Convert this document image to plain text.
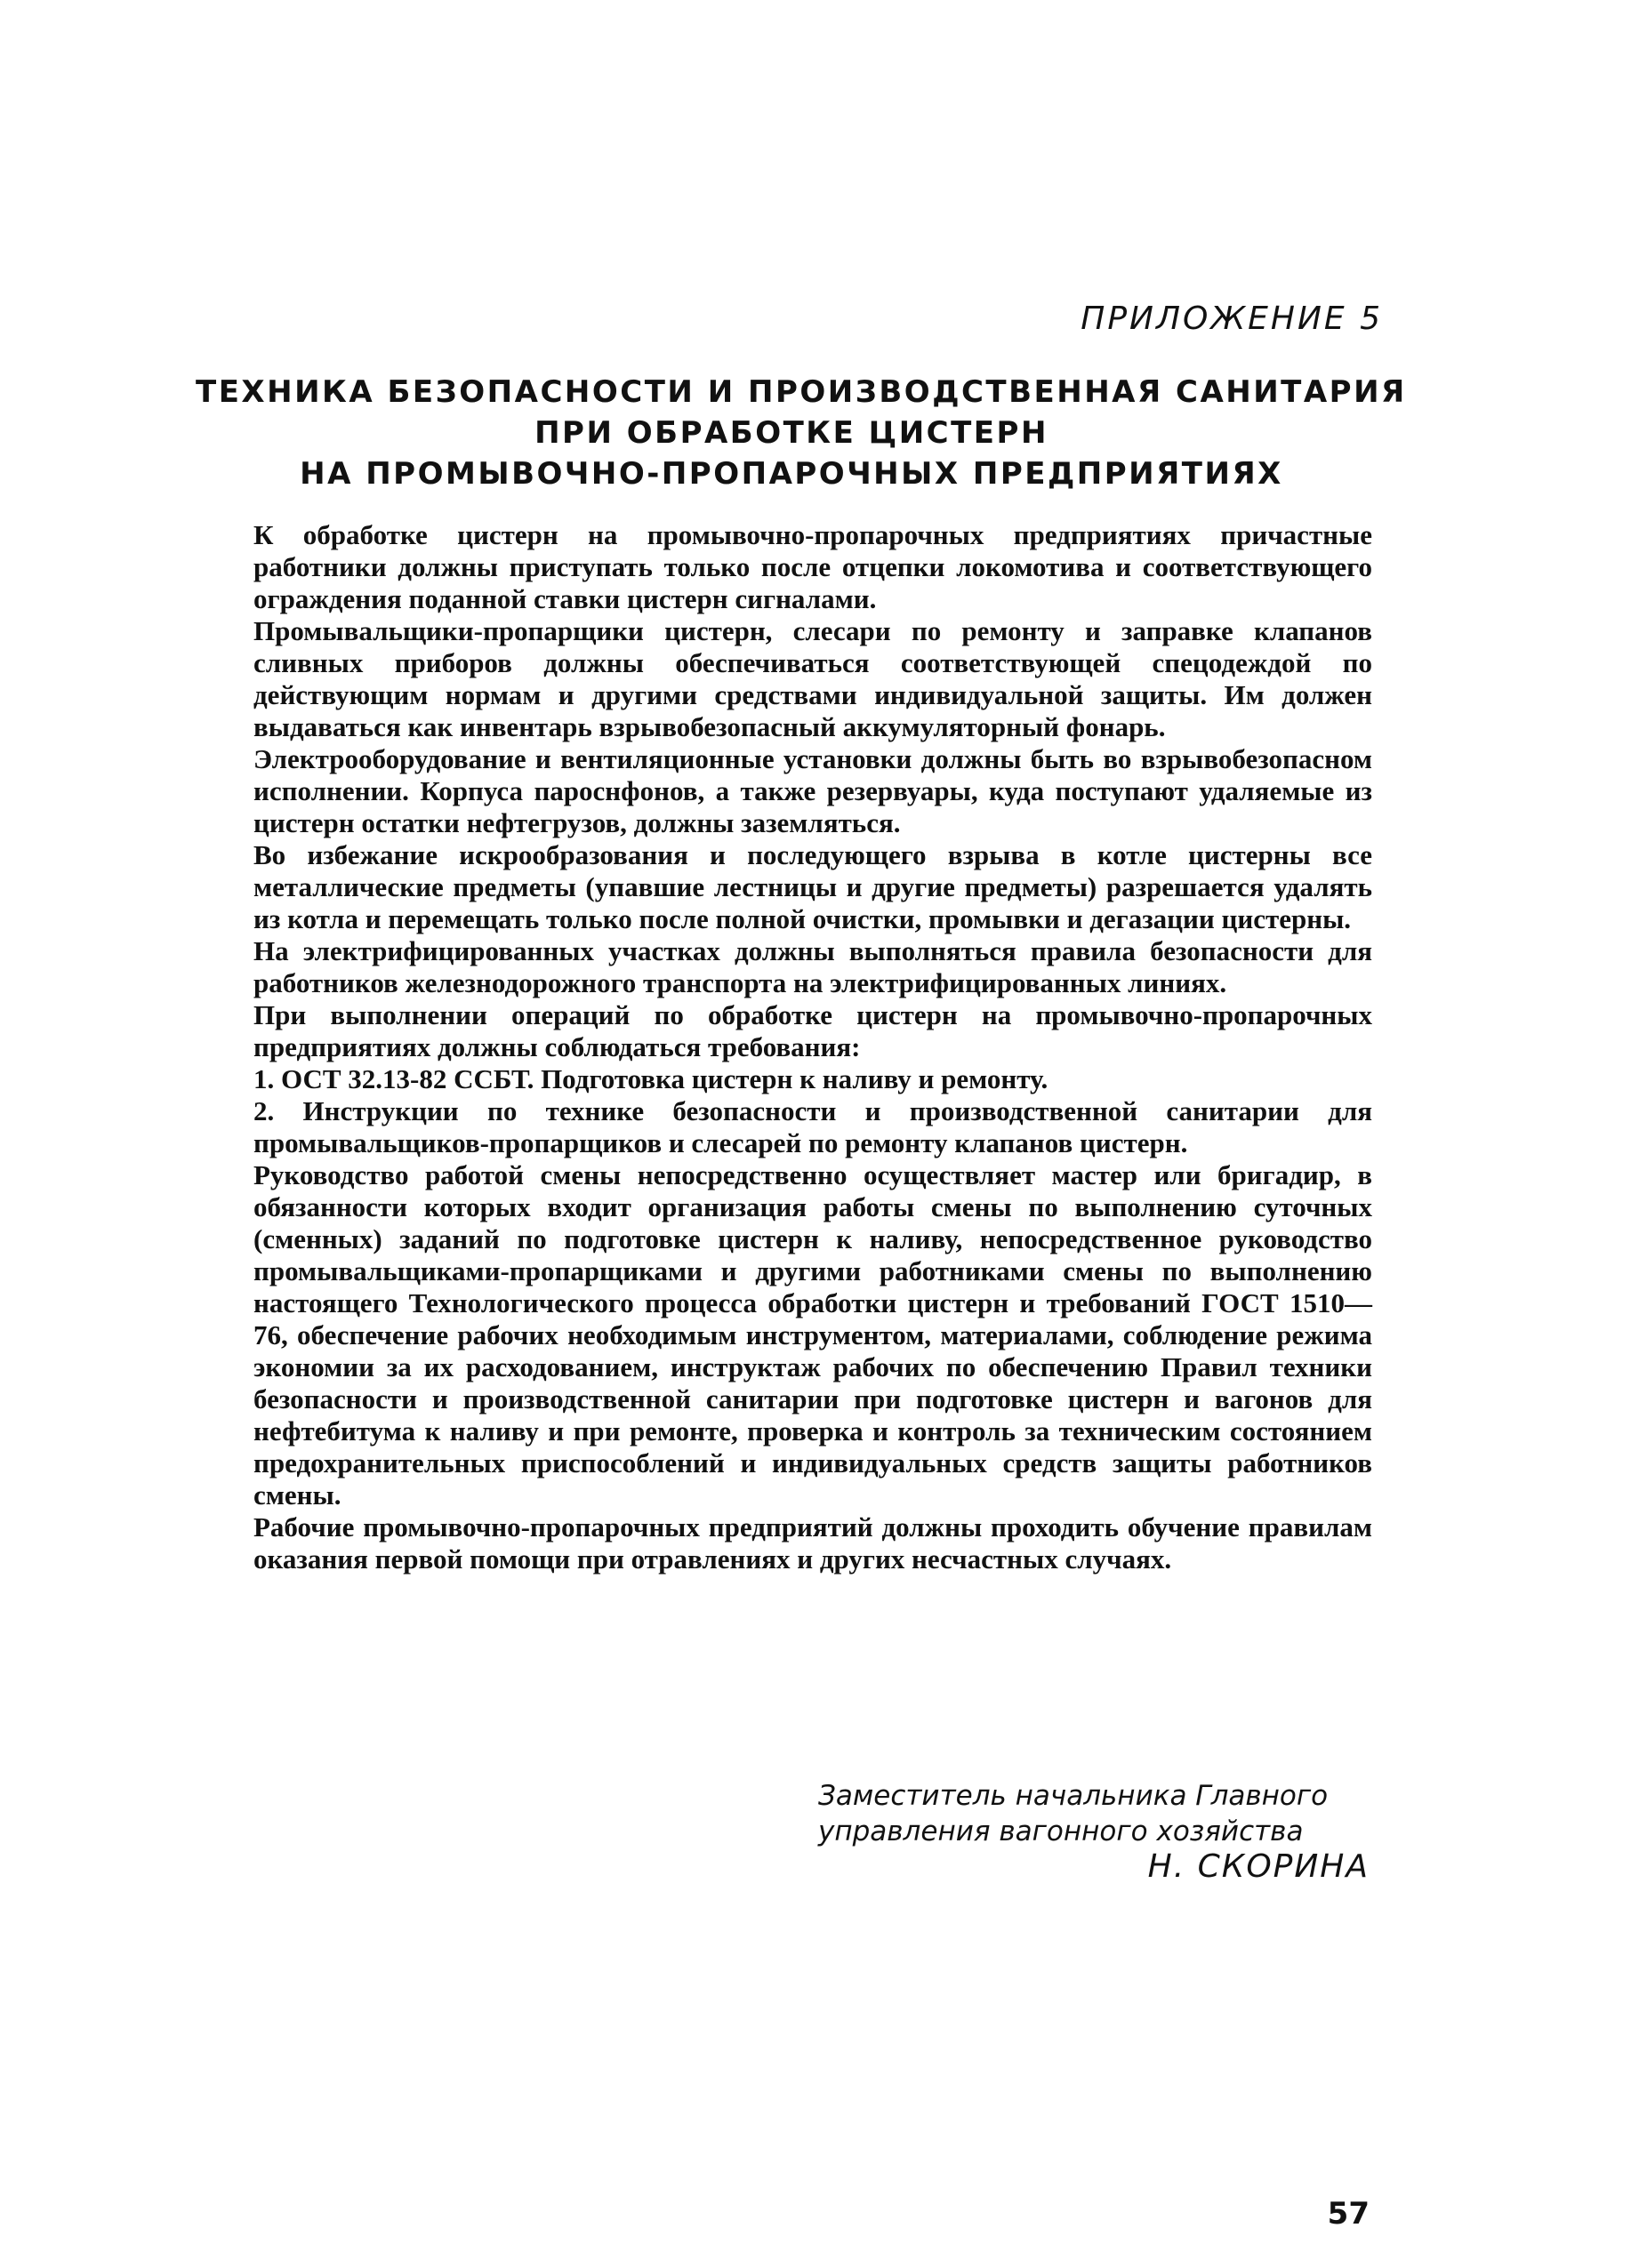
ПРИЛОЖЕНИЕ 5

ТЕХНИКА БЕЗОПАСНОСТИ И ПРОИЗВОДСТВЕННАЯ САНИТАРИЯ
ПРИ ОБРАБОТКЕ ЦИСТЕРН
НА ПРОМЫВОЧНО-ПРОПАРОЧНЫХ ПРЕДПРИЯТИЯХ

К обработке цистерн на промывочно-пропарочных предприятиях причастные работники должны приступать только после отцепки локомотива и соответствующего ограждения поданной ставки цистерн сигналами.

Промывальщики-пропарщики цистерн, слесари по ремонту и заправке клапанов сливных приборов должны обеспечиваться соответствующей спецодеждой по действующим нормам и другими средствами индивидуальной защиты. Им должен выдаваться как инвентарь взрывобезопасный аккумуляторный фонарь.

Электрооборудование и вентиляционные установки должны быть во взрывобезопасном исполнении. Корпуса пароснфонов, а также резервуары, куда поступают удаляемые из цистерн остатки нефтегрузов, должны заземляться.

Во избежание искрообразования и последующего взрыва в котле цистерны все металлические предметы (упавшие лестницы и другие предметы) разрешается удалять из котла и перемещать только после полной очистки, промывки и дегазации цистерны.

На электрифицированных участках должны выполняться правила безопасности для работников железнодорожного транспорта на электрифицированных линиях.

При выполнении операций по обработке цистерн на промывочно-пропарочных предприятиях должны соблюдаться требования:

1. ОСТ 32.13-82 ССБТ. Подготовка цистерн к наливу и ремонту.

2. Инструкции по технике безопасности и производственной санитарии для промывальщиков-пропарщиков и слесарей по ремонту клапанов цистерн.

Руководство работой смены непосредственно осуществляет мастер или бригадир, в обязанности которых входит организация работы смены по выполнению суточных (сменных) заданий по подготовке цистерн к наливу, непосредственное руководство промывальщиками-пропарщиками и другими работниками смены по выполнению настоящего Технологического процесса обработки цистерн и требований ГОСТ 1510—76, обеспечение рабочих необходимым инструментом, материалами, соблюдение режима экономии за их расходованием, инструктаж рабочих по обеспечению Правил техники безопасности и производственной санитарии при подготовке цистерн и вагонов для нефтебитума к наливу и при ремонте, проверка и контроль за техническим состоянием предохранительных приспособлений и индивидуальных средств защиты работников смены.

Рабочие промывочно-пропарочных предприятий должны проходить обучение правилам оказания первой помощи при отравлениях и других несчастных случаях.

Заместитель начальника Главного
управления вагонного хозяйства
Н. СКОРИНА
57
